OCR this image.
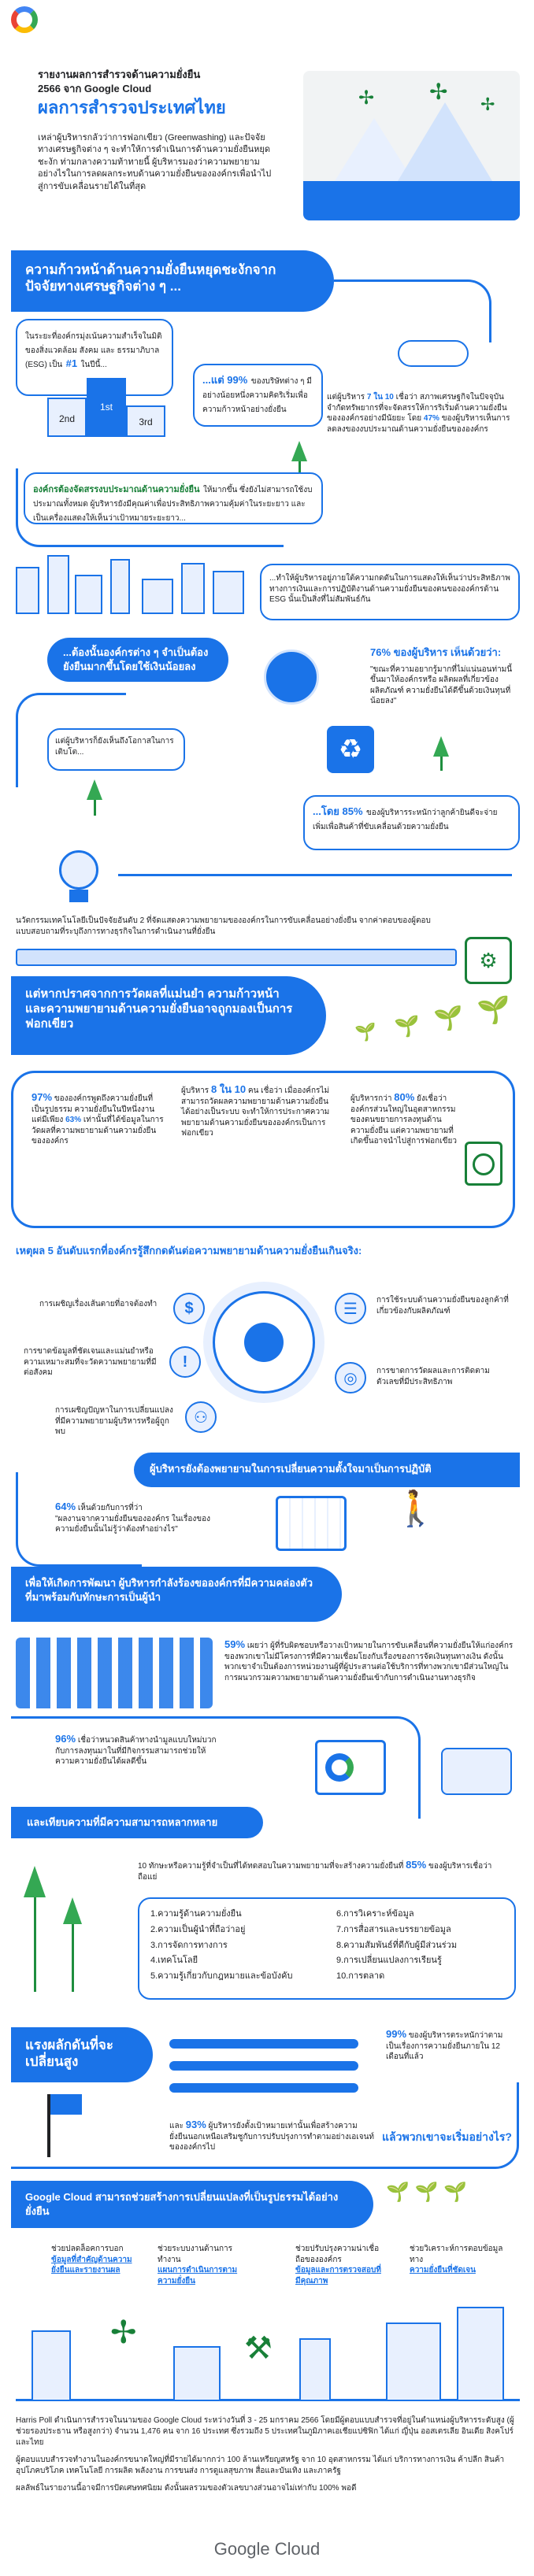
รายงานผลการสำรวจด้านความยั่งยืน 2566 จาก Google Cloud
ผลการสำรวจประเทศไทย
เหล่าผู้บริหารกลัวว่าการฟอกเขียว (Greenwashing) และปัจจัยทางเศรษฐกิจต่าง ๆ จะทำให้การดำเนินการด้านความยั่งยืนหยุดชะงัก ท่ามกลางความท้าทายนี้ ผู้บริหารมองว่าความพยายามอย่างไรในการลดผลกระทบด้านความยั่งยืนขององค์กรเพื่อนำไปสู่การขับเคลื่อนรายได้ในที่สุด
✢ ✢
✢
ความก้าวหน้าด้านความยั่งยืนหยุดชะงักจากปัจจัยทางเศรษฐกิจต่าง ๆ ...
ในระยะที่องค์กรมุ่งเน้นความสำเร็จในมิติของสิ่งแวดล้อม สังคม และ ธรรมาภิบาล (ESG) เป็น #1 ในปีนี้...
2nd
1st
3rd
...แต่ 99% ของบริษัทต่าง ๆ มีอย่างน้อยหนึ่งความคิดริเริ่มเพื่อความก้าวหน้าอย่างยั่งยืน
แต่ผู้บริหาร 7 ใน 10 เชื่อว่า สภาพเศรษฐกิจในปัจจุบันจำกัดทรัพยากรที่จะจัดสรรให้การริเริ่มด้านความยั่งยืนขององค์กรอย่างมีนัยยะ โดย 47% ของผู้บริหารเห็นการลดลงของงบประมาณด้านความยั่งยืนขององค์กร
องค์กรต้องจัดสรรงบประมาณด้านความยั่งยืน ให้มากขึ้น ซึ่งยังไม่สามารถใช้งบประมาณทั้งหมด ผู้บริหารยังมีคุณค่าเพื่อประสิทธิภาพความคุ้มค่าในระยะยาว และเป็นเครื่องแสดงให้เห็นว่าเป้าหมายระยะยาว...
...ทำให้ผู้บริหารอยู่ภายใต้ความกดดันในการแสดงให้เห็นว่าประสิทธิภาพทางการเงินและการปฏิบัติงานด้านความยั่งยืนของตนขององค์กรด้าน ESG นั้นเป็นสิ่งที่ไม่สัมพันธ์กัน
...ต้องนั้นองค์กรต่าง ๆ จำเป็นต้องยังยืนมากขึ้นโดยใช้เงินน้อยลง
76% ของผู้บริหาร เห็นด้วยว่า:
"ขณะที่ความอยากรู้มากที่ไม่แน่นอนท่ามนี้ขึ้นมาให้องค์กรหรือ ผลิตผลที่เกี่ยวข้องผลิตภัณฑ์ ความยั่งยืนได้ดีขึ้นด้วยเงินทุนที่น้อยลง"
แต่ผู้บริหารก็ยังเห็นถึงโอกาสในการเติบโต...	♻
...โดย 85% ของผู้บริหารระหนักว่าลูกค้ายินดีจะจ่ายเพิ่มเพื่อสินค้าที่ขับเคลื่อนด้วยความยั่งยืน
นวัตกรรมเทคโนโลยีเป็นปัจจัยอันดับ 2 ที่จัดแสดงความพยายามขององค์กรในการขับเคลื่อนอย่างยั่งยืน จากค่าตอบของผู้ตอบแบบสอบถามที่ระบุถึงการทางธุรกิจในการดำเนินงานที่ยั่งยืน
⚙
แต่หากปราศจากการวัดผลที่แม่นยำ ความก้าวหน้าและความพยายามด้านความยั่งยืนอาจถูกมองเป็นการฟอกเขียว	🌱 🌱 🌱 🌱
97% ขององค์กรพูดถึงความยั่งยืนที่เป็นรูปธรรม ความยั่งยืนในปีหนึ่งงาน แต่มีเพียง 63% เท่านั้นที่ได้ข้อมูลในการวัดผลที่ความพยายามด้านความยั่งยืนขององค์กร
ผู้บริหาร 8 ใน 10 คน เชื่อว่า เมื่อองค์กรไม่สามารถวัดผลความพยายามด้านความยั่งยืนได้อย่างเป็นระบบ จะทำให้การประกาศความพยายามด้านความยั่งยืนขององค์กรเป็นการฟอกเขียว
ผู้บริหารกว่า 80% ยังเชื่อว่า องค์กรส่วนใหญ่ในอุตสาหกรรมของตนขยายการลงทุนด้านความยั่งยืน แต่ความพยายามที่เกิดขึ้นอาจนำไปสู่การฟอกเขียว
เหตุผล 5 อันดับแรกที่องค์กรรู้สึกกดดันต่อความพยายามด้านความยั่งยืนเกินจริง:
$
การเผชิญเรื่องเส้นตายที่อาจต้องทำ
!
การขาดข้อมูลที่ชัดเจนและแม่นยำหรือความเหมาะสมที่จะวัดความพยายามที่มีต่อสังคม
⚇
การเผชิญปัญหาในการเปลี่ยนแปลงที่มีความพยายามผู้บริหารหรือผู้ถูกพบ
☰	การใช้ระบบด้านความยั่งยืนของลูกค้าที่เกี่ยวข้องกับผลิตภัณฑ์
◎	การขาดการวัดผลและการติดตามตัวเลขที่มีประสิทธิภาพ
ผู้บริหารยังต้องพยายามในการเปลี่ยนความตั้งใจมาเป็นการปฏิบัติ
64% เห็นด้วยกับการที่ว่า
"ผลงานจากความยั่งยืนขององค์กร ในเรื่องของความยั่งยืนนั้นไม่รู้ว่าต้องทำอย่างไร"
🚶
เพื่อให้เกิดการพัฒนา ผู้บริหารกำลังร้องขอองค์กรที่มีความคล่องตัวที่มาพร้อมกับทักษะการเป็นผู้นำ
59% เผยว่า ผู้ที่รับผิดชอบหรือวางเป้าหมายในการขับเคลื่อนที่ความยั่งยืนให้แก่องค์กร ของพวกเขาไม่มีโครงการที่มีความเชื่อมโยงกับเรื่องของการจัดเงินทุนทางเงิน ดังนั้น พวกเขาจำเป็นต้องการหน่วยงานผู้ที่ผู้ประสานต่อใช้บริการที่ทางพวกเขามีส่วนใหญ่ในการผนวกรวมความพยายามด้านความยั่งยืนเข้ากับการดำเนินงานทางธุรกิจ
96% เชื่อว่าหนวดสินค้าทางนำมูลแบบใหม่บวกกับการลงทุนมาในที่มีกิจกรรมสามารถช่วยให้ความความยั่งยืนได้ผลดีขึ้น
และเทียบความที่มีความสามารถหลากหลาย
10 ทักษะหรือความรู้ที่จำเป็นที่ได้ทดสอบในความพยายามที่จะสร้างความยั่งยืนที่ 85% ของผู้บริหารเชื่อว่าถือแย่
1.ความรู้ด้านความยั่งยืน
2.ความเป็นผู้นำที่ถือว่าอยู่
3.การจัดการทางการ
4.เทคโนโลยี
5.ความรู้เกี่ยวกับกฎหมายและข้อบังคับ
6.การวิเคราะห์ข้อมูล
7.การสื่อสารและบรรยายข้อมูล
8.ความสัมพันธ์ที่ดีกับผู้มีส่วนร่วม
9.การเปลี่ยนแปลงการเรียนรู้
10.การตลาด
แรงผลักดันที่จะเปลี่ยนสูง
99% ของผู้บริหารตระหนักว่าตามเป็นเรื่องการความยั่งยืนภายใน 12 เดือนที่แล้ว
และ 93% ผู้บริหารยังตั้งเป้าหมายเท่านั้นเพื่อสร้างความยั่งยืนนอกเหนือเสริมชูกับการปรับปรุงการทำตามอย่างเอเจนท์ขององค์กรไป
แล้วพวกเขาจะเริ่มอย่างไร?
Google Cloud สามารถช่วยสร้างการเปลี่ยนแปลงที่เป็นรูปธรรมได้อย่างยั่งยืน
🌱 🌱 🌱
ช่วยปลดล็อคการบอก
ข้อมูลที่สำคัญด้านความยั่งยืนและรายงานผล
ช่วยระบบงานด้านการทำงาน
แผนการดำเนินการตามความยั่งยืน
ช่วยปรับปรุงความน่าเชื่อถือขององค์กร
ข้อมูลและการตรวจสอบที่มีคุณภาพ
ช่วยวิเคราะห์การตอบข้อมูลทาง
ความยั่งยืนที่ชัดเจน
✢	⚒
Harris Poll ดำเนินการสำรวจในนามของ Google Cloud ระหว่างวันที่ 3 - 25 มกราคม 2566 โดยมีผู้ตอบแบบสำรวจที่อยู่ในตำแหน่งผู้บริหารระดับสูง (ผู้ช่วยรองประธาน หรือสูงกว่า) จำนวน 1,476 คน จาก 16 ประเทศ ซึ่งรวมถึง 5 ประเทศในภูมิภาคเอเชียแปซิฟิก ได้แก่ ญี่ปุ่น ออสเตรเลีย อินเดีย สิงคโปร์ และไทย
ผู้ตอบแบบสำรวจทำงานในองค์กรขนาดใหญ่ที่มีรายได้มากกว่า 100 ล้านเหรียญสหรัฐ จาก 10 อุตสาหกรรม ได้แก่ บริการทางการเงิน ค้าปลีก สินค้าอุปโภคบริโภค เทคโนโลยี การผลิต พลังงาน การขนส่ง การดูแลสุขภาพ สื่อและบันเทิง และภาครัฐ
ผลลัพธ์ในรายงานนี้อาจมีการปัดเศษทศนิยม ดังนั้นผลรวมของตัวเลขบางส่วนอาจไม่เท่ากับ 100% พอดี
Google Cloud
